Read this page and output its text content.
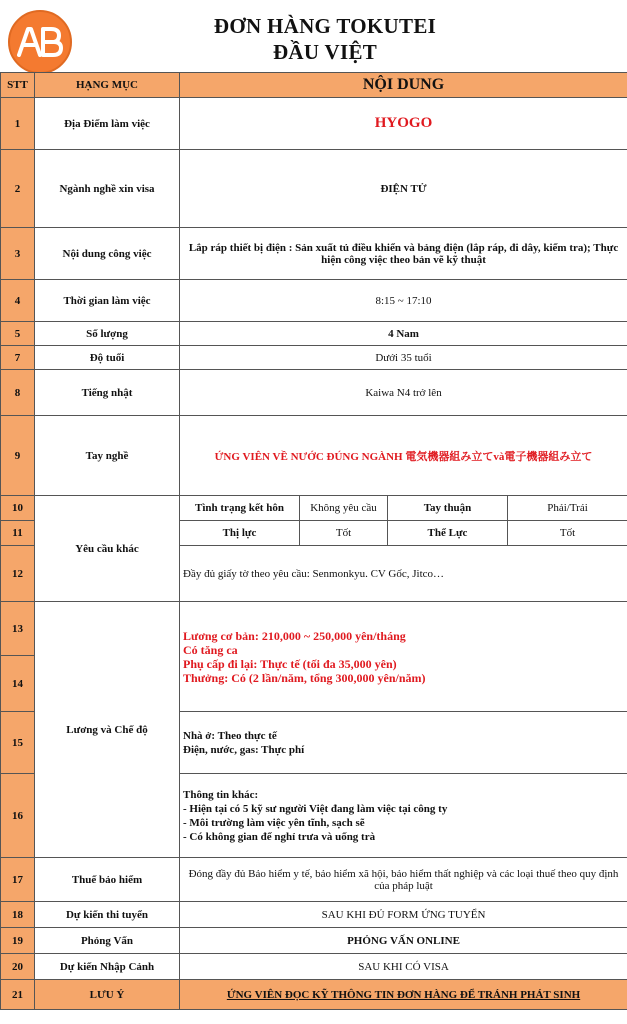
ĐƠN HÀNG TOKUTEI
ĐẦU VIỆT
STT	HẠNG MỤC	NỘI DUNG			
1	Địa Điểm làm việc	HYOGO			
2	Ngành nghề xin visa	ĐIỆN TỬ			
3	Nội dung công việc	Lắp ráp thiết bị điện : Sản xuất tủ điều khiển và bảng điện (lắp ráp, đi dây, kiểm tra); Thực hiện công việc theo bản vẽ kỹ thuật			
4	Thời gian làm việc	8:15 ~ 17:10			
5	Số lượng	4 Nam			
7	Độ tuổi	Dưới 35 tuổi			
8	Tiếng nhật	Kaiwa N4 trở lên			
9	Tay nghề	ỨNG VIÊN VỀ NƯỚC ĐÚNG NGÀNH 電気機器組み立てvà電子機器組み立て			
10	Yêu cầu khác	Tình trạng kết hôn	Không yêu cầu	Tay thuận	Phải/Trái
11		Thị lực	Tốt	Thể Lực	Tốt
12		Đầy đủ giấy tờ theo yêu cầu: Senmonkyu. CV Gốc, Jitco…			
13	Lương và Chế độ	Lương cơ bản: 210,000 ~ 250,000 yên/tháng
Có tăng ca
Phụ cấp đi lại: Thực tế (tối đa 35,000 yên)
Thưởng: Có (2 lần/năm, tổng 300,000 yên/năm)			

14					
15		Nhà ở: Theo thực tế
Điện, nước, gas: Thực phí			

16		Thông tin khác:
- Hiện tại có 5 kỹ sư người Việt đang làm việc tại công ty
- Môi trường làm việc yên tĩnh, sạch sẽ
- Có không gian để nghỉ trưa và uống trà			

17	Thuế bảo hiểm	Đóng đầy đủ Bảo hiểm y tế, bảo hiểm xã hội, bảo hiểm thất nghiệp và các loại thuế theo quy định của pháp luật			
18	Dự kiến thi tuyển	SAU KHI ĐỦ FORM ỨNG TUYỂN			
19	Phỏng Vấn	PHỎNG VẤN ONLINE			
20	Dự kiến Nhập Cảnh	SAU KHI CÓ VISA			
21	LƯU Ý	ỨNG VIÊN ĐỌC KỸ THÔNG TIN ĐƠN HÀNG ĐỂ TRÁNH PHÁT SINH			
